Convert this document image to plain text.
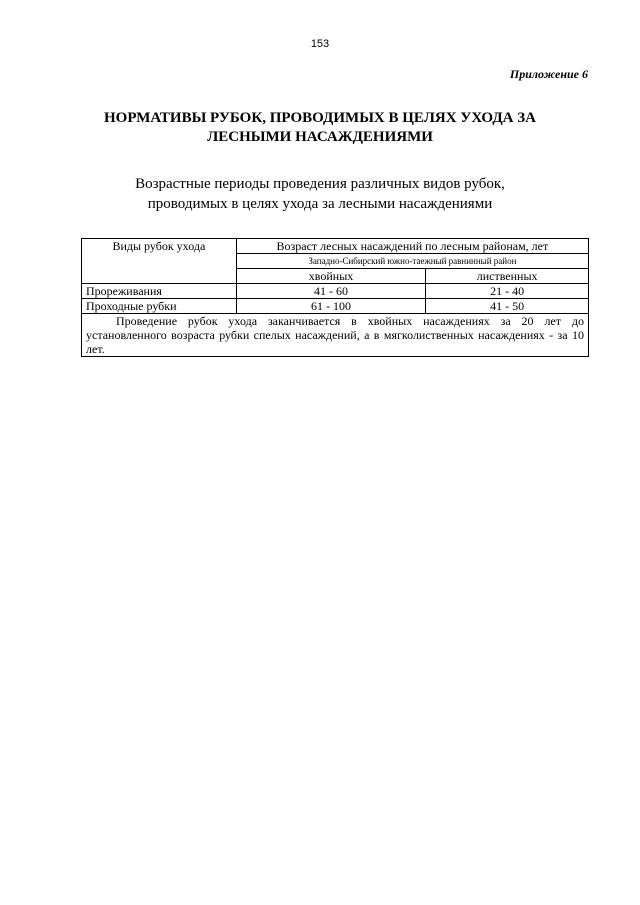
153
Приложение 6
НОРМАТИВЫ РУБОК, ПРОВОДИМЫХ В ЦЕЛЯХ УХОДА ЗА
ЛЕСНЫМИ НАСАЖДЕНИЯМИ
Возрастные периоды проведения различных видов рубок,
проводимых в целях ухода за лесными насаждениями
Виды рубок ухода	Возраст лесных насаждений по лесным районам, лет	
	Западно-Сибирский южно-таежный равнинный район	
	хвойных	лиственных
Прореживания	41 - 60	21 - 40
Проходные рубки	61 - 100	41 - 50
Проведение рубок ухода заканчивается в хвойных насаждениях за 20 лет до установленного возраста рубки спелых насаждений, а в мягколиственных насаждениях - за 10 лет.		
